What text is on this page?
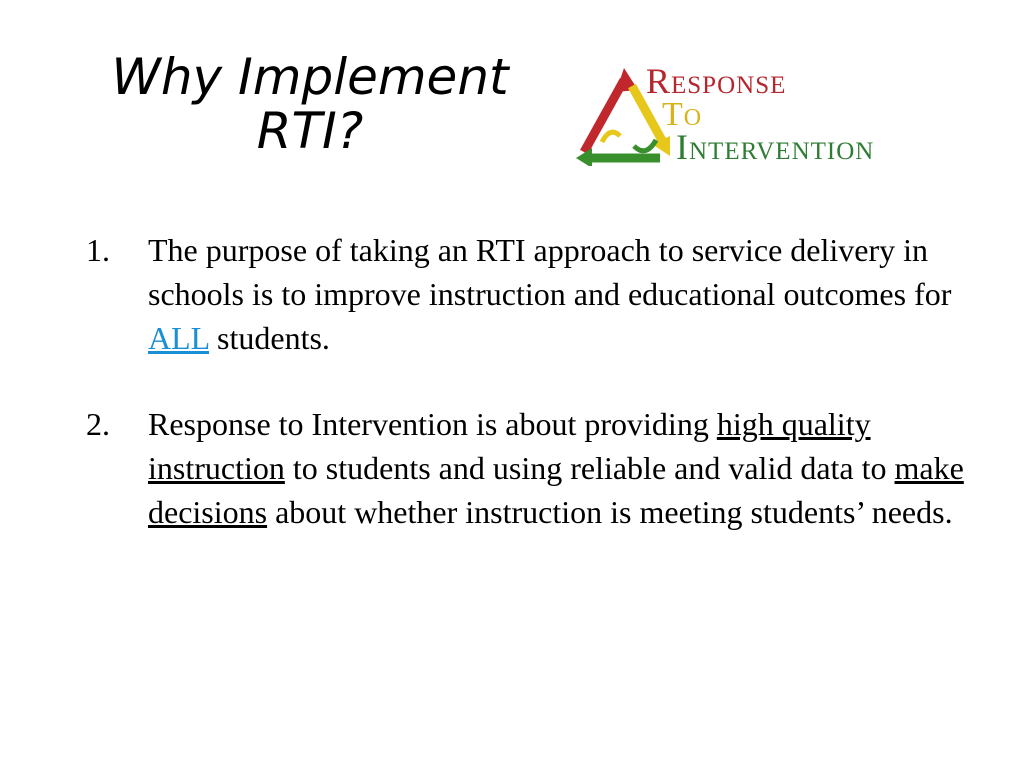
Why Implement
RTI?
Response
To
Intervention
1.	The purpose of taking an RTI approach to service delivery in schools is to improve instruction and educational outcomes for ALL students.
2.	Response to Intervention is about providing high quality instruction to students and using reliable and valid data to make decisions about whether instruction is meeting students’ needs.
